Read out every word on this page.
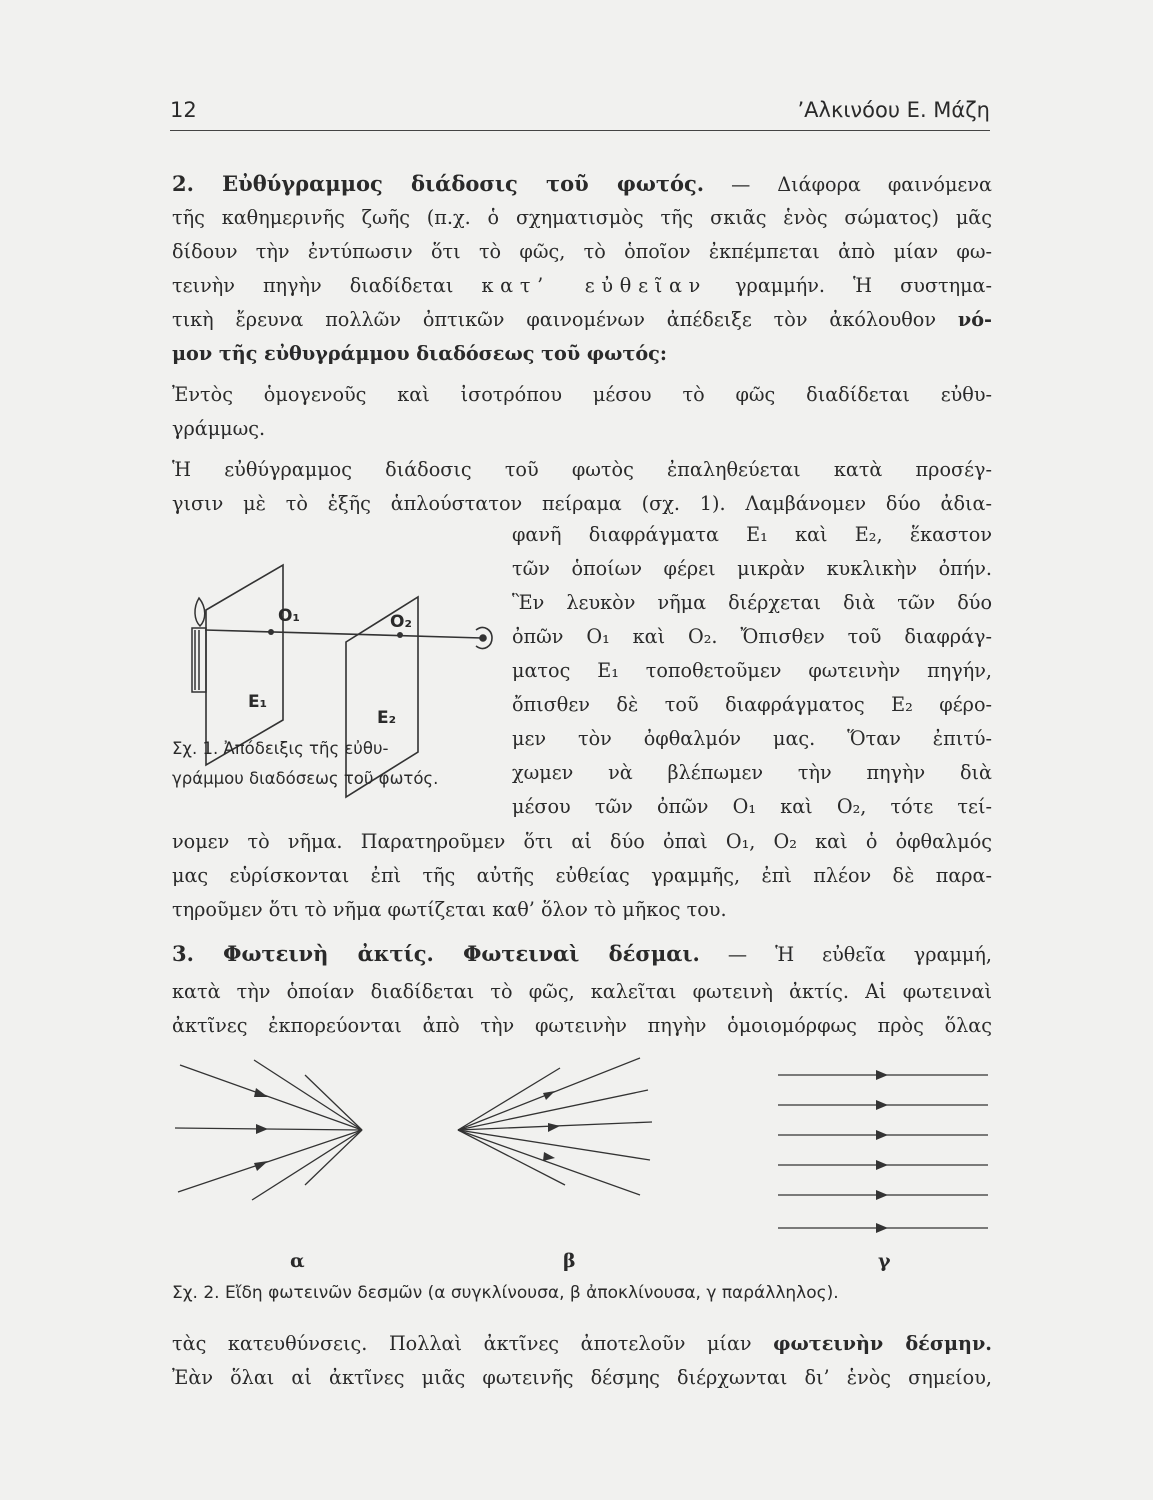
12	’Αλκινόου Ε. Μάζη
2. Εὐθύγραμμος διάδοσις τοῦ φωτός. — Διάφορα φαινόμενα
τῆς καθημερινῆς ζωῆς (π.χ. ὁ σχηματισμὸς τῆς σκιᾶς ἑνὸς σώματος) μᾶς
δίδουν τὴν ἐντύπωσιν ὅτι τὸ φῶς, τὸ ὁποῖον ἐκπέμπεται ἀπὸ μίαν φω-
τεινὴν πηγὴν διαδίδεται κατ’ εὐθεῖαν γραμμήν. Ἡ συστημα-
τικὴ ἔρευνα πολλῶν ὀπτικῶν φαινομένων ἀπέδειξε τὸν ἀκόλουθον νό-
μον τῆς εὐθυγράμμου διαδόσεως τοῦ φωτός:
Ἐντὸς ὁμογενοῦς καὶ ἰσοτρόπου μέσου τὸ φῶς διαδίδεται εὐθυ-
γράμμως.
Ἡ εὐθύγραμμος διάδοσις τοῦ φωτὸς ἐπαληθεύεται κατὰ προσέγ-
γισιν μὲ τὸ ἑξῆς ἁπλούστατον πείραμα (σχ. 1). Λαμβάνομεν δύο ἀδια-
φανῆ διαφράγματα Ε₁ καὶ Ε₂, ἕκαστον
τῶν ὁποίων φέρει μικρὰν κυκλικὴν ὀπήν.
Ἓν λευκὸν νῆμα διέρχεται διὰ τῶν δύο
ὀπῶν Ο₁ καὶ Ο₂. Ὄπισθεν τοῦ διαφράγ-
ματος Ε₁ τοποθετοῦμεν φωτεινὴν πηγήν,
ὄπισθεν δὲ τοῦ διαφράγματος Ε₂ φέρο-
μεν τὸν ὀφθαλμόν μας. Ὅταν ἐπιτύ-
χωμεν νὰ βλέπωμεν τὴν πηγὴν διὰ
μέσου τῶν ὀπῶν Ο₁ καὶ Ο₂, τότε τεί-
O₁	O₂
E₁
E₂
Σχ. 1. Ἀπόδειξις τῆς εὐθυ-
γράμμου διαδόσεως τοῦ φωτός.
νομεν τὸ νῆμα. Παρατηροῦμεν ὅτι αἱ δύο ὀπαὶ Ο₁, Ο₂ καὶ ὁ ὀφθαλμός
μας εὑρίσκονται ἐπὶ τῆς αὐτῆς εὐθείας γραμμῆς, ἐπὶ πλέον δὲ παρα-
τηροῦμεν ὅτι τὸ νῆμα φωτίζεται καθ’ ὅλον τὸ μῆκος του.
3. Φωτεινὴ ἀκτίς. Φωτειναὶ δέσμαι. — Ἡ εὐθεῖα γραμμή,
κατὰ τὴν ὁποίαν διαδίδεται τὸ φῶς, καλεῖται φωτεινὴ ἀκτίς. Αἱ φωτειναὶ
ἀκτῖνες ἐκπορεύονται ἀπὸ τὴν φωτεινὴν πηγὴν ὁμοιομόρφως πρὸς ὅλας
α	β	γ
Σχ. 2. Εἴδη φωτεινῶν δεσμῶν (α συγκλίνουσα, β ἀποκλίνουσα, γ παράλληλος).
τὰς κατευθύνσεις. Πολλαὶ ἀκτῖνες ἀποτελοῦν μίαν φωτεινὴν δέσμην.
Ἐὰν ὅλαι αἱ ἀκτῖνες μιᾶς φωτεινῆς δέσμης διέρχωνται δι’ ἑνὸς σημείου,
